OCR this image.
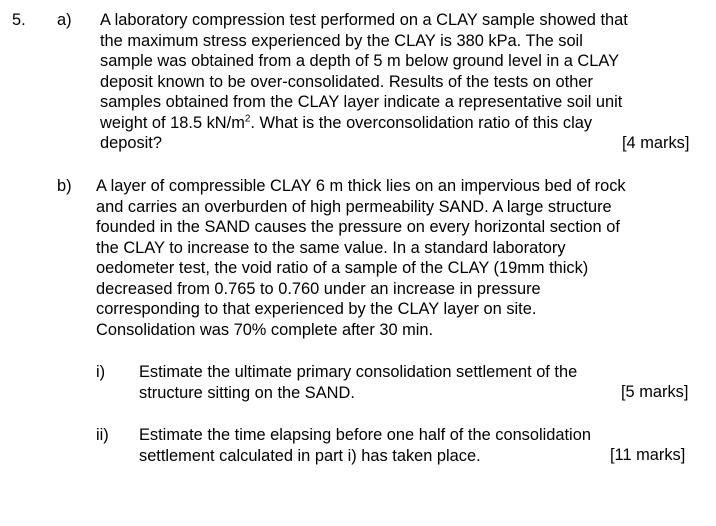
5. a) A laboratory compression test performed on a CLAY sample showed that
the maximum stress experienced by the CLAY is 380 kPa. The soil
sample was obtained from a depth of 5 m below ground level in a CLAY
deposit known to be over-consolidated. Results of the tests on other
samples obtained from the CLAY layer indicate a representative soil unit
weight of 18.5 $kN/m^2$. What is the overconsolidation ratio of this clay
deposit?	[4 marks]
b) A layer of compressible CLAY 6 m thick lies on an impervious bed of rock
and carries an overburden of high permeability SAND. A large structure
founded in the SAND causes the pressure on every horizontal section of
the CLAY to increase to the same value. In a standard laboratory
oedometer test, the void ratio of a sample of the CLAY (19mm thick)
decreased from 0.765 to 0.760 under an increase in pressure
corresponding to that experienced by the CLAY layer on site.
Consolidation was 70% complete after 30 min.
i) Estimate the ultimate primary consolidation settlement of the
structure sitting on the SAND.	[5 marks]
ii) Estimate the time elapsing before one half of the consolidation
settlement calculated in part i) has taken place.	[11 marks]
